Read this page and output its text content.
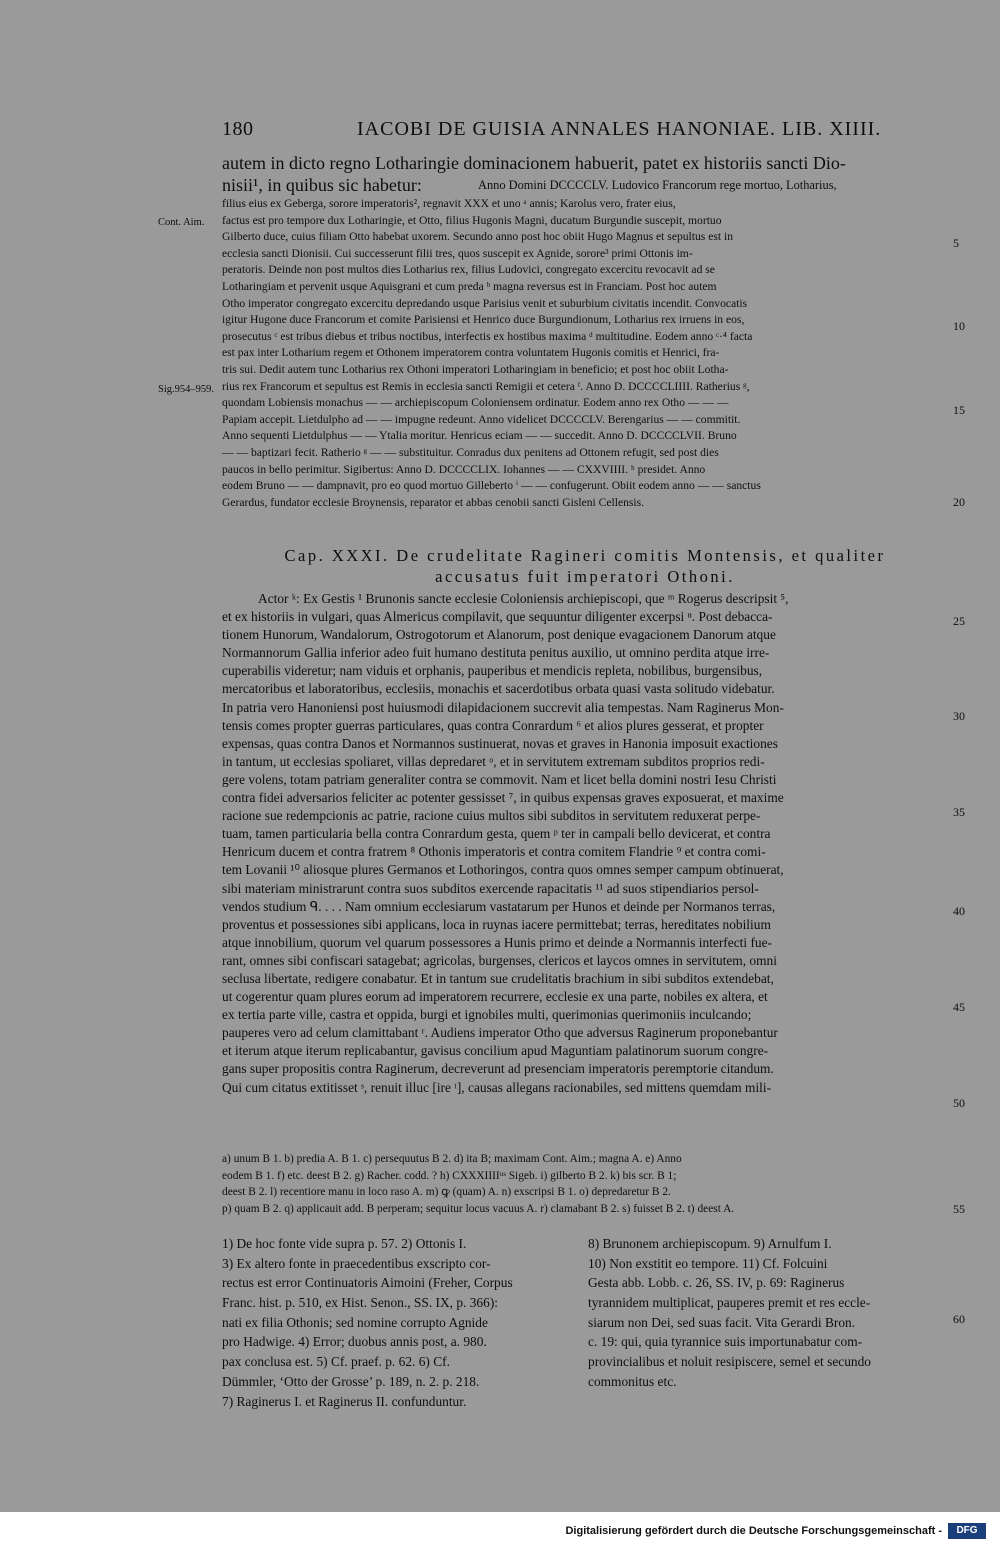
180	IACOBI DE GUISIA ANNALES HANONIAE. LIB. XIIII.
autem in dicto regno Lotharingie dominacionem habuerit, patet ex historiis sancti Dio-
nisii¹, in quibus sic habetur:	Anno Domini DCCCCLV. Ludovico Francorum rege mortuo, Lotharius,
filius eius ex Geberga, sorore imperatoris², regnavit XXX et uno ᵃ annis; Karolus vero, frater eius,
factus est pro tempore dux Lotharingie, et Otto, filius Hugonis Magni, ducatum Burgundie suscepit, mortuo
Gilberto duce, cuius filiam Otto habebat uxorem. Secundo anno post hoc obiit Hugo Magnus et sepultus est in
ecclesia sancti Dionisii. Cui successerunt filii tres, quos suscepit ex Agnide, sorore³ primi Ottonis im-
peratoris. Deinde non post multos dies Lotharius rex, filius Ludovici, congregato excercitu revocavit ad se
Lotharingiam et pervenit usque Aquisgrani et cum preda ᵇ magna reversus est in Franciam. Post hoc autem
Otho imperator congregato excercitu depredando usque Parisius venit et suburbium civitatis incendit. Convocatis
igitur Hugone duce Francorum et comite Parisiensi et Henrico duce Burgundionum, Lotharius rex irruens in eos,
prosecutus ᶜ est tribus diebus et tribus noctibus, interfectis ex hostibus maxima ᵈ multitudine. Eodem anno ᶜ·⁴ facta
est pax inter Lotharium regem et Othonem imperatorem contra voluntatem Hugonis comitis et Henrici, fra-
tris sui. Dedit autem tunc Lotharius rex Othoni imperatori Lotharingiam in beneficio; et post hoc obiit Lotha-
rius rex Francorum et sepultus est Remis in ecclesia sancti Remigii et cetera ᶠ. Anno D. DCCCCLIIII. Ratherius ᵍ,
quondam Lobiensis monachus — — archiepiscopum Coloniensem ordinatur. Eodem anno rex Otho — — —
Papiam accepit. Lietdulpho ad — — impugne redeunt. Anno videlicet DCCCCLV. Berengarius — — commitit.
Anno sequenti Lietdulphus — — Ytalia moritur. Henricus eciam — — succedit. Anno D. DCCCCLVII. Bruno
— — baptizari fecit. Ratherio ᵍ — — substituitur. Conradus dux penitens ad Ottonem refugit, sed post dies
paucos in bello perimitur. Sigibertus: Anno D. DCCCCLIX. Iohannes — — CXXVIIII. ʰ presidet. Anno
eodem Bruno — — dampnavit, pro eo quod mortuo Gilleberto ⁱ — — confugerunt. Obiit eodem anno — — sanctus
Gerardus, fundator ecclesie Broynensis, reparator et abbas cenobii sancti Gisleni Cellensis.
Cont. Aim.
Sig.954–959.
Cap. XXXI. De crudelitate Ragineri comitis Montensis, et qualiter
accusatus fuit imperatori Othoni.
Actor ᵏ: Ex Gestis ¹ Brunonis sancte ecclesie Coloniensis archiepiscopi, que ᵐ Rogerus descripsit ⁵,
et ex historiis in vulgari, quas Almericus compilavit, que sequuntur diligenter excerpsi ⁿ. Post debacca-
tionem Hunorum, Wandalorum, Ostrogotorum et Alanorum, post denique evagacionem Danorum atque
Normannorum Gallia inferior adeo fuit humano destituta penitus auxilio, ut omnino perdita atque irre-
cuperabilis videretur; nam viduis et orphanis, pauperibus et mendicis repleta, nobilibus, burgensibus,
mercatoribus et laboratoribus, ecclesiis, monachis et sacerdotibus orbata quasi vasta solitudo videbatur.
In patria vero Hanoniensi post huiusmodi dilapidacionem succrevit alia tempestas. Nam Raginerus Mon-
tensis comes propter guerras particulares, quas contra Conrardum ⁶ et alios plures gesserat, et propter
expensas, quas contra Danos et Normannos sustinuerat, novas et graves in Hanonia imposuit exactiones
in tantum, ut ecclesias spoliaret, villas depredaret ᵒ, et in servitutem extremam subditos proprios redi-
gere volens, totam patriam generaliter contra se commovit. Nam et licet bella domini nostri Iesu Christi
contra fidei adversarios feliciter ac potenter gessisset ⁷, in quibus expensas graves exposuerat, et maxime
racione sue redempcionis ac patrie, racione cuius multos sibi subditos in servitutem reduxerat perpe-
tuam, tamen particularia bella contra Conrardum gesta, quem ᵖ ter in campali bello devicerat, et contra
Henricum ducem et contra fratrem ⁸ Othonis imperatoris et contra comitem Flandrie ⁹ et contra comi-
tem Lovanii ¹⁰ aliosque plures Germanos et Lothoringos, contra quos omnes semper campum obtinuerat,
sibi materiam ministrarunt contra suos subditos exercende rapacitatis ¹¹ ad suos stipendiarios persol-
vendos studium ᑫ. . . . Nam omnium ecclesiarum vastatarum per Hunos et deinde per Normanos terras,
proventus et possessiones sibi applicans, loca in ruynas iacere permittebat; terras, hereditates nobilium
atque innobilium, quorum vel quarum possessores a Hunis primo et deinde a Normannis interfecti fue-
rant, omnes sibi confiscari satagebat; agricolas, burgenses, clericos et laycos omnes in servitutem, omni
seclusa libertate, redigere conabatur. Et in tantum sue crudelitatis brachium in sibi subditos extendebat,
ut cogerentur quam plures eorum ad imperatorem recurrere, ecclesie ex una parte, nobiles ex altera, et
ex tertia parte ville, castra et oppida, burgi et ignobiles multi, querimonias querimoniis inculcando;
pauperes vero ad celum clamittabant ʳ. Audiens imperator Otho que adversus Raginerum proponebantur
et iterum atque iterum replicabantur, gavisus concilium apud Maguntiam palatinorum suorum congre-
gans super propositis contra Raginerum, decreverunt ad presenciam imperatoris peremptorie citandum.
Qui cum citatus extitisset ˢ, renuit illuc [ire ᵗ], causas allegans racionabiles, sed mittens quemdam mili-
a) unum B 1. b) predia A. B 1. c) persequutus B 2. d) ita B; maximam Cont. Aim.; magna A. e) Anno
eodem B 1. f) etc. deest B 2. g) Racher. codd. ? h) CXXXIIIIᵘˢ Sigeb. i) gilberto B 2. k) bis scr. B 1;
deest B 2. l) recentiore manu in loco raso A. m) ꝙ (quam) A. n) exscripsi B 1. o) depredaretur B 2.
p) quam B 2. q) applicauit add. B perperam; sequitur locus vacuus A. r) clamabant B 2. s) fuisset B 2. t) deest A.
1) De hoc fonte vide supra p. 57. 2) Ottonis I.
3) Ex altero fonte in praecedentibus exscripto cor-
rectus est error Continuatoris Aimoini (Freher, Corpus
Franc. hist. p. 510, ex Hist. Senon., SS. IX, p. 366):
nati ex filia Othonis; sed nomine corrupto Agnide
pro Hadwige. 4) Error; duobus annis post, a. 980.
pax conclusa est. 5) Cf. praef. p. 62. 6) Cf.
Dümmler, ‘Otto der Grosse’ p. 189, n. 2. p. 218.
7) Raginerus I. et Raginerus II. confunduntur.
8) Brunonem archiepiscopum. 9) Arnulfum I.
10) Non exstitit eo tempore. 11) Cf. Folcuini
Gesta abb. Lobb. c. 26, SS. IV, p. 69: Raginerus
tyrannidem multiplicat, pauperes premit et res eccle-
siarum non Dei, sed suas facit. Vita Gerardi Bron.
c. 19: qui, quia tyrannice suis importunabatur com-
provincialibus et noluit resipiscere, semel et secundo
commonitus etc.
5
10
15
20
25
30
35
40
45
50
55
60
Digitalisierung gefördert durch die Deutsche Forschungsgemeinschaft -	DFG
